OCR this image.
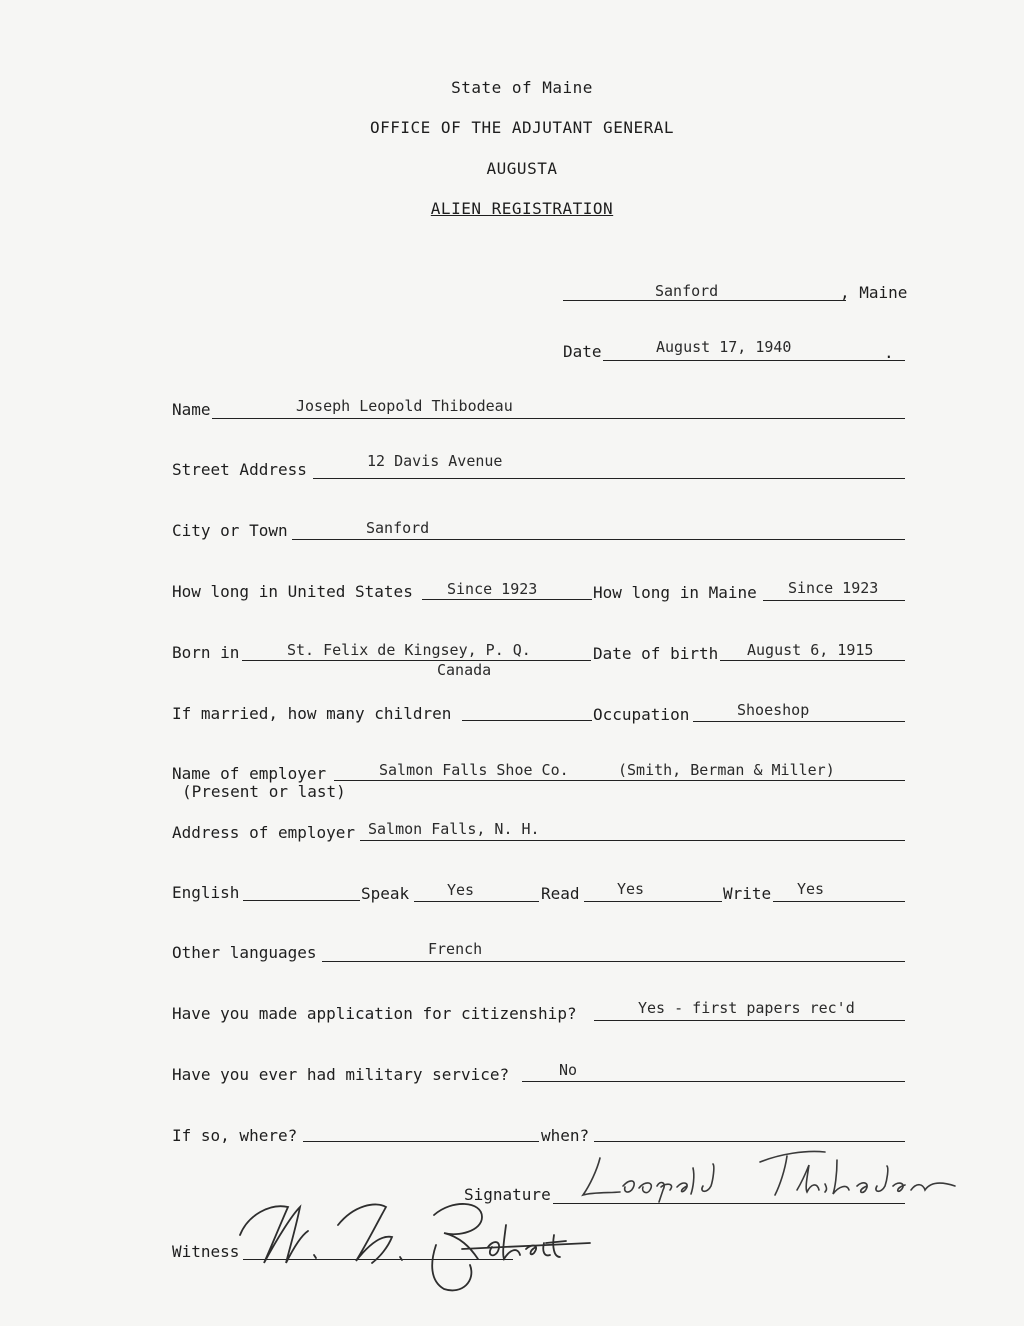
State of Maine
OFFICE OF THE ADJUTANT GENERAL
AUGUSTA
ALIEN REGISTRATION
Sanford	, Maine
Date	August 17, 1940	.
Name	Joseph Leopold Thibodeau
Street Address	12 Davis Avenue
City or Town	Sanford
How long in United States Since 1923	How long in Maine Since 1923
Born in	St. Felix de Kingsey, P. Q.
Canada
Date of birth August 6, 1915
If married, how many children	Occupation	Shoeshop
Name of employer	Salmon Falls Shoe Co.	(Smith, Berman & Miller)
(Present or last)
Address of employer Salmon Falls, N. H.
English	Speak	Yes	Read Yes	Write Yes
Other languages	French
Have you made application for citizenship?	Yes - first papers rec'd
Have you ever had military service?	No
If so, where?	when?
Signature
Witness
